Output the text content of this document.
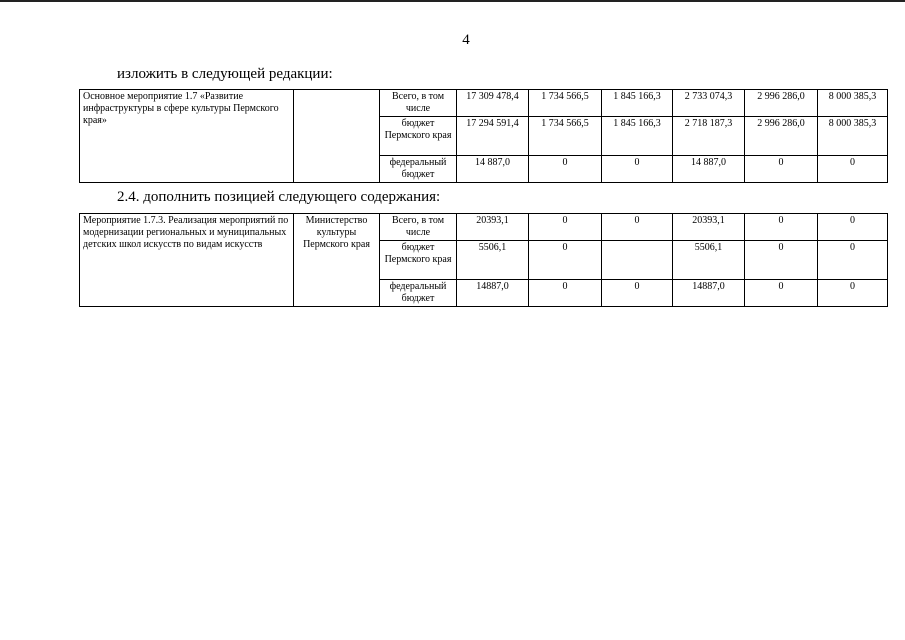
4
изложить в следующей редакции:
Основное мероприятие 1.7 «Развитие инфраструктуры в сфере культуры Пермского края»		Всего, в том числе	17 309 478,4	1 734 566,5	1 845 166,3	2 733 074,3	2 996 286,0	8 000 385,3
		бюджет Пермского края	17 294 591,4	1 734 566,5	1 845 166,3	2 718 187,3	2 996 286,0	8 000 385,3
		федеральный бюджет	14 887,0	0	0	14 887,0	0	0
2.4. дополнить позицией следующего содержания:
Мероприятие 1.7.3. Реализация мероприятий по модернизации региональных и муниципальных детских школ искусств по видам искусств	Министерство культуры Пермского края	Всего, в том числе	20393,1	0	0	20393,1	0	0
		бюджет Пермского края	5506,1	0		5506,1	0	0
		федеральный бюджет	14887,0	0	0	14887,0	0	0
